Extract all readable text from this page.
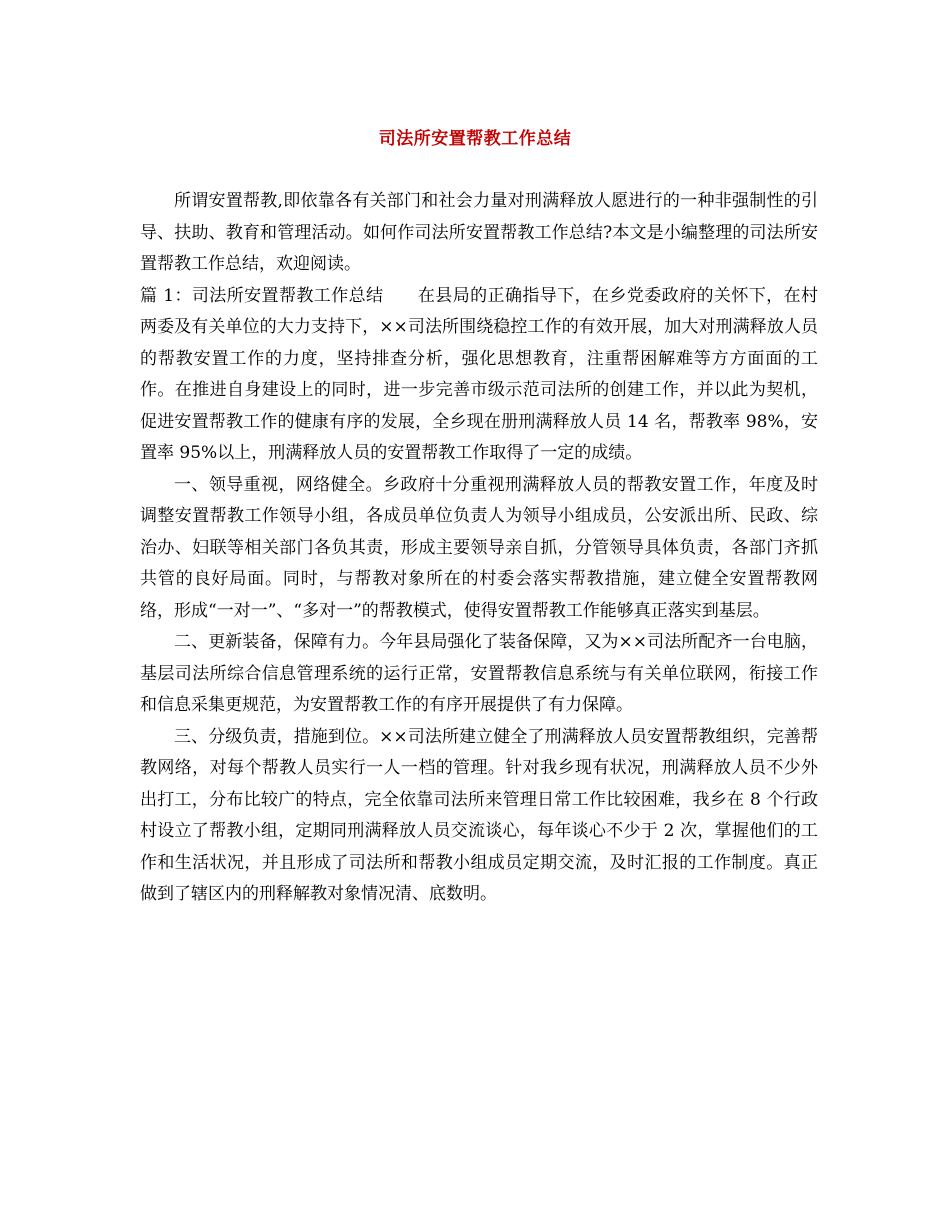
司法所安置帮教工作总结

所谓安置帮教,即依靠各有关部门和社会力量对刑满释放人愿进行的一种非强制性的引导、扶助、教育和管理活动。如何作司法所安置帮教工作总结?本文是小编整理的司法所安置帮教工作总结，欢迎阅读。

篇 1：司法所安置帮教工作总结 在县局的正确指导下，在乡党委政府的关怀下，在村两委及有关单位的大力支持下，××司法所围绕稳控工作的有效开展，加大对刑满释放人员的帮教安置工作的力度，坚持排查分析，强化思想教育，注重帮困解难等方方面面的工作。在推进自身建设上的同时，进一步完善市级示范司法所的创建工作，并以此为契机，促进安置帮教工作的健康有序的发展，全乡现在册刑满释放人员 14 名，帮教率 98%，安置率 95%以上，刑满释放人员的安置帮教工作取得了一定的成绩。

一、领导重视，网络健全。乡政府十分重视刑满释放人员的帮教安置工作，年度及时调整安置帮教工作领导小组，各成员单位负责人为领导小组成员，公安派出所、民政、综治办、妇联等相关部门各负其责，形成主要领导亲自抓，分管领导具体负责，各部门齐抓共管的良好局面。同时，与帮教对象所在的村委会落实帮教措施，建立健全安置帮教网络，形成“一对一”、“多对一”的帮教模式，使得安置帮教工作能够真正落实到基层。

二、更新装备，保障有力。今年县局强化了装备保障，又为××司法所配齐一台电脑，基层司法所综合信息管理系统的运行正常，安置帮教信息系统与有关单位联网，衔接工作和信息采集更规范，为安置帮教工作的有序开展提供了有力保障。

三、分级负责，措施到位。××司法所建立健全了刑满释放人员安置帮教组织，完善帮教网络，对每个帮教人员实行一人一档的管理。针对我乡现有状况，刑满释放人员不少外出打工，分布比较广的特点，完全依靠司法所来管理日常工作比较困难，我乡在 8 个行政村设立了帮教小组，定期同刑满释放人员交流谈心，每年谈心不少于 2 次，掌握他们的工作和生活状况，并且形成了司法所和帮教小组成员定期交流，及时汇报的工作制度。真正做到了辖区内的刑释解教对象情况清、底数明。
